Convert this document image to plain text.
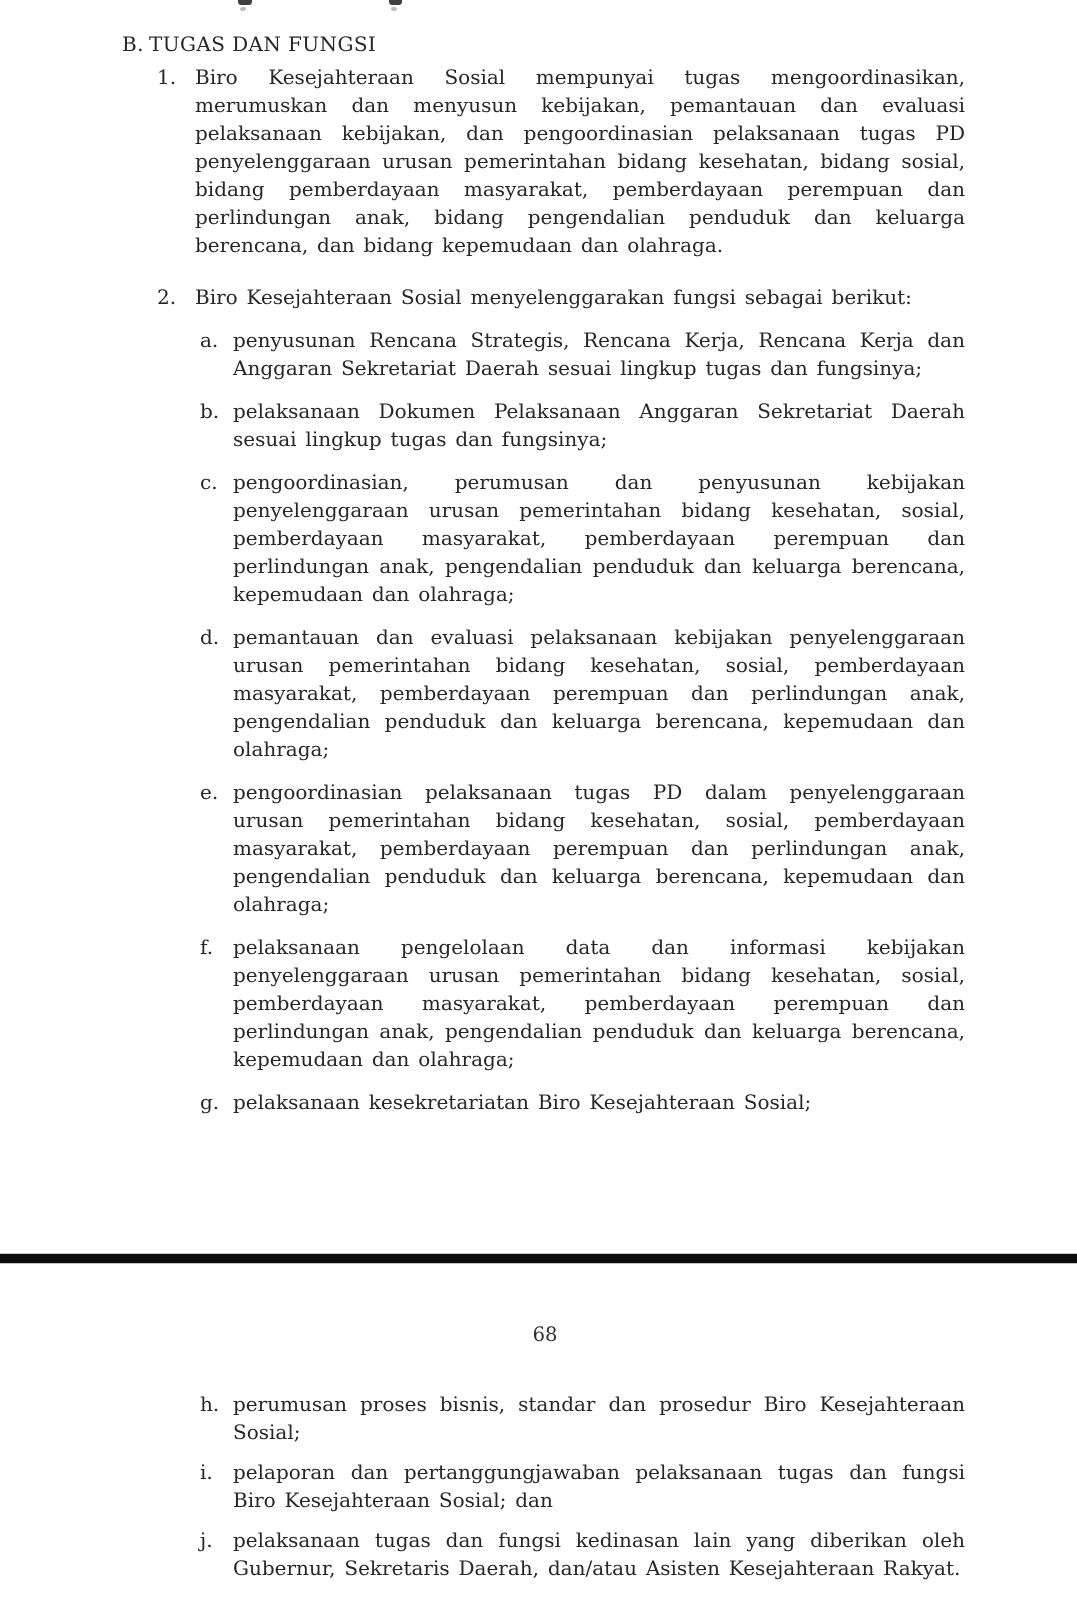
B. TUGAS DAN FUNGSI
1. Biro Kesejahteraan Sosial mempunyai tugas mengoordinasikan, merumuskan dan menyusun kebijakan, pemantauan dan evaluasi pelaksanaan kebijakan, dan pengoordinasian pelaksanaan tugas PD penyelenggaraan urusan pemerintahan bidang kesehatan, bidang sosial, bidang pemberdayaan masyarakat, pemberdayaan perempuan dan perlindungan anak, bidang pengendalian penduduk dan keluarga berencana, dan bidang kepemudaan dan olahraga.
2. Biro Kesejahteraan Sosial menyelenggarakan fungsi sebagai berikut:
a. penyusunan Rencana Strategis, Rencana Kerja, Rencana Kerja dan Anggaran Sekretariat Daerah sesuai lingkup tugas dan fungsinya;
b. pelaksanaan Dokumen Pelaksanaan Anggaran Sekretariat Daerah sesuai lingkup tugas dan fungsinya;
c. pengoordinasian, perumusan dan penyusunan kebijakan penyelenggaraan urusan pemerintahan bidang kesehatan, sosial, pemberdayaan masyarakat, pemberdayaan perempuan dan perlindungan anak, pengendalian penduduk dan keluarga berencana, kepemudaan dan olahraga;
d. pemantauan dan evaluasi pelaksanaan kebijakan penyelenggaraan urusan pemerintahan bidang kesehatan, sosial, pemberdayaan masyarakat, pemberdayaan perempuan dan perlindungan anak, pengendalian penduduk dan keluarga berencana, kepemudaan dan olahraga;
e. pengoordinasian pelaksanaan tugas PD dalam penyelenggaraan urusan pemerintahan bidang kesehatan, sosial, pemberdayaan masyarakat, pemberdayaan perempuan dan perlindungan anak, pengendalian penduduk dan keluarga berencana, kepemudaan dan olahraga;
f. pelaksanaan pengelolaan data dan informasi kebijakan penyelenggaraan urusan pemerintahan bidang kesehatan, sosial, pemberdayaan masyarakat, pemberdayaan perempuan dan perlindungan anak, pengendalian penduduk dan keluarga berencana, kepemudaan dan olahraga;
g. pelaksanaan kesekretariatan Biro Kesejahteraan Sosial;
68
h. perumusan proses bisnis, standar dan prosedur Biro Kesejahteraan Sosial;
i.	pelaporan dan pertanggungjawaban pelaksanaan tugas dan fungsi Biro Kesejahteraan Sosial; dan
j.	pelaksanaan tugas dan fungsi kedinasan lain yang diberikan oleh Gubernur, Sekretaris Daerah, dan/atau Asisten Kesejahteraan Rakyat.
